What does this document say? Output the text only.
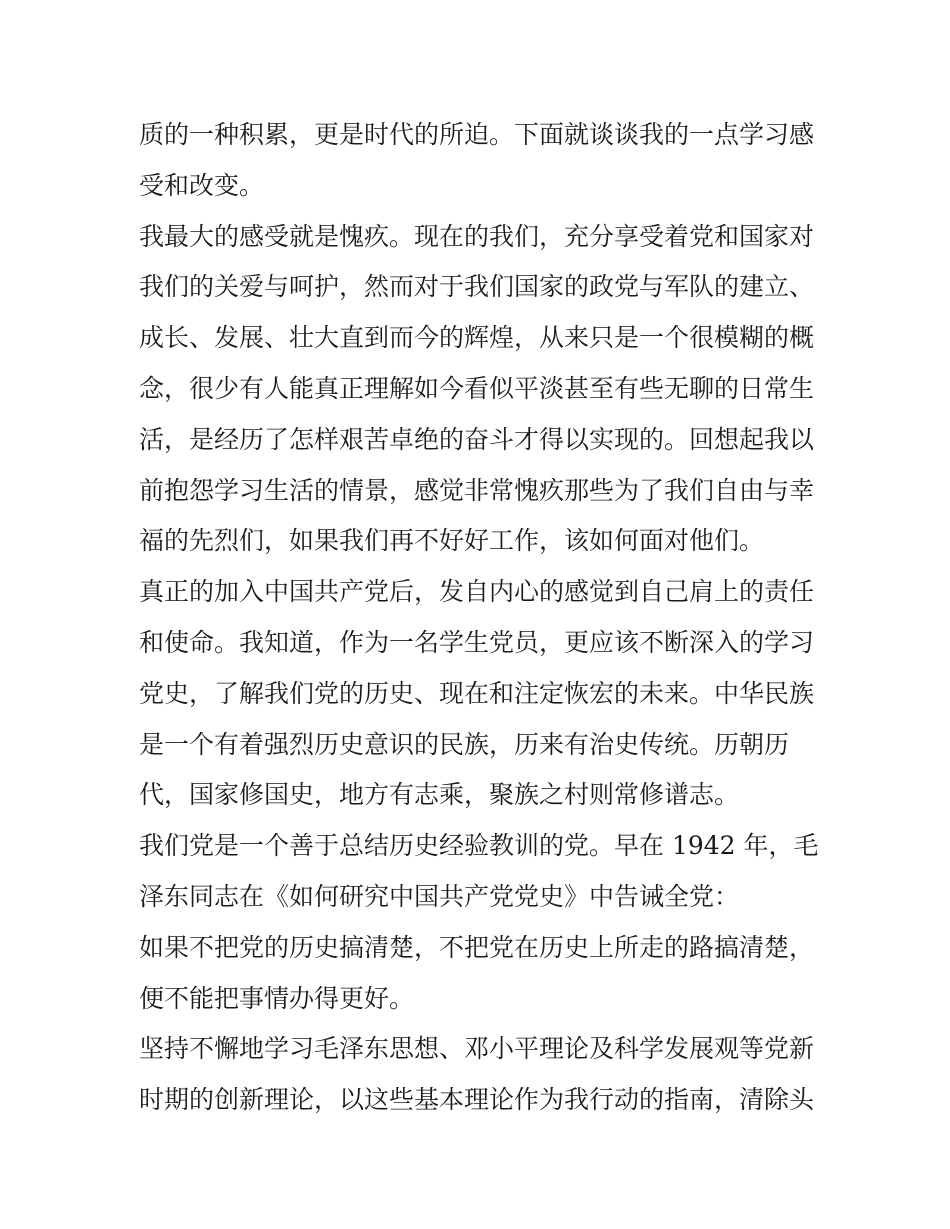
质的一种积累，更是时代的所迫。下面就谈谈我的一点学习感
受和改变。
我最大的感受就是愧疚。现在的我们，充分享受着党和国家对
我们的关爱与呵护，然而对于我们国家的政党与军队的建立、
成长、发展、壮大直到而今的辉煌，从来只是一个很模糊的概
念，很少有人能真正理解如今看似平淡甚至有些无聊的日常生
活，是经历了怎样艰苦卓绝的奋斗才得以实现的。回想起我以
前抱怨学习生活的情景，感觉非常愧疚那些为了我们自由与幸
福的先烈们，如果我们再不好好工作，该如何面对他们。
真正的加入中国共产党后，发自内心的感觉到自己肩上的责任
和使命。我知道，作为一名学生党员，更应该不断深入的学习
党史，了解我们党的历史、现在和注定恢宏的未来。中华民族
是一个有着强烈历史意识的民族，历来有治史传统。历朝历
代，国家修国史，地方有志乘，聚族之村则常修谱志。
我们党是一个善于总结历史经验教训的党。早在 1942 年，毛
泽东同志在《如何研究中国共产党党史》中告诫全党：
如果不把党的历史搞清楚，不把党在历史上所走的路搞清楚，
便不能把事情办得更好。
坚持不懈地学习毛泽东思想、邓小平理论及科学发展观等党新
时期的创新理论，以这些基本理论作为我行动的指南，清除头
